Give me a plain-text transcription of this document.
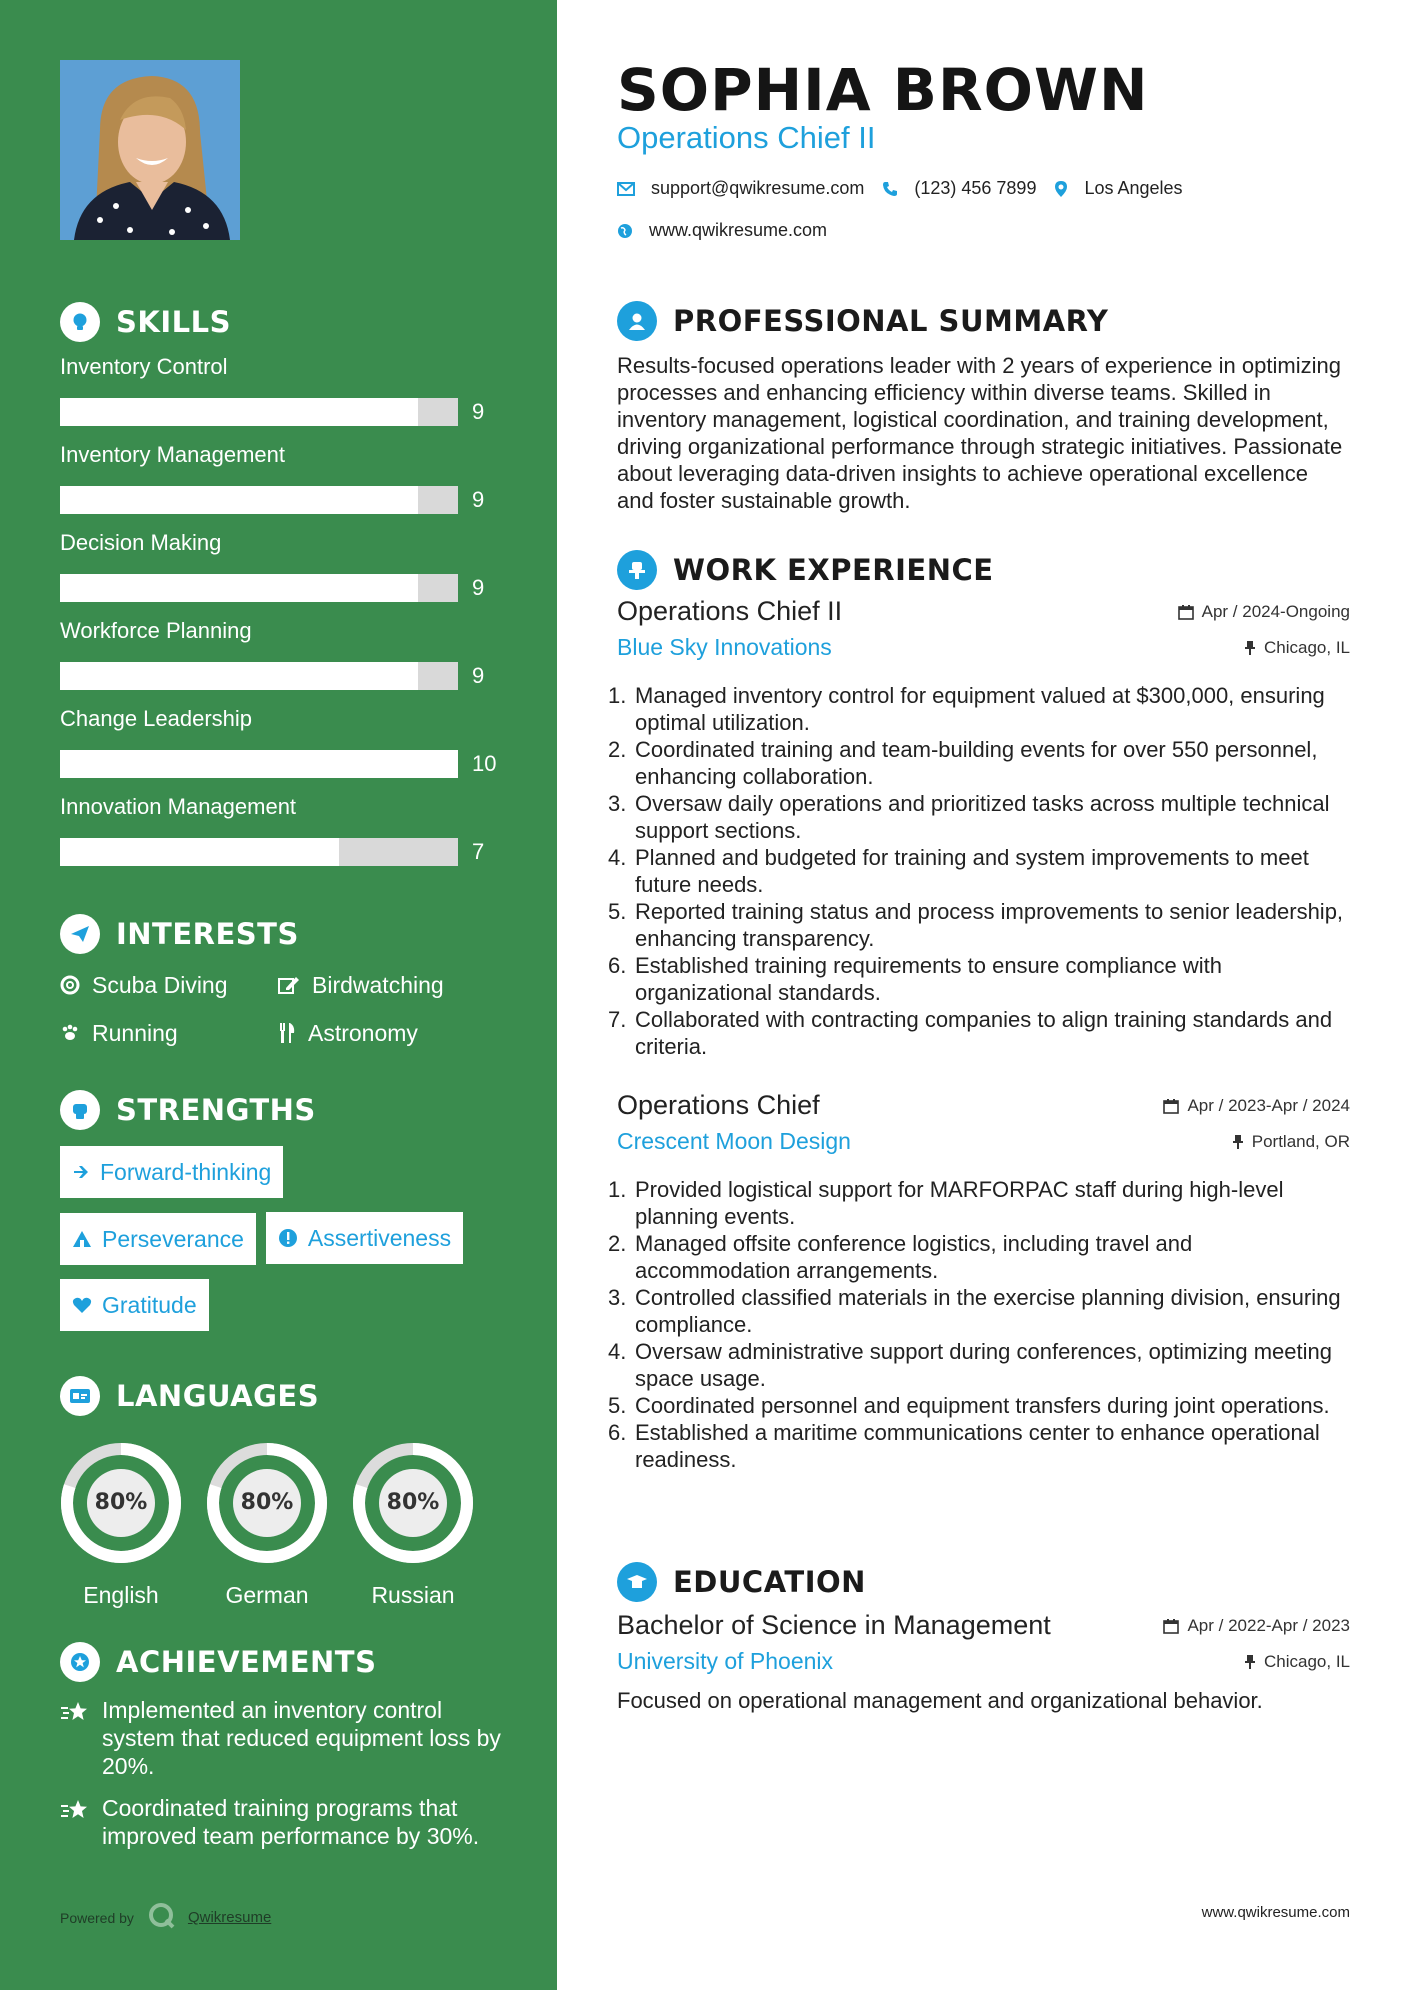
SKILLS
Inventory Control
9
Inventory Management
9
Decision Making
9
Workforce Planning
9
Change Leadership
10
Innovation Management
7
INTERESTS
Scuba Diving	Birdwatching
Running	Astronomy
STRENGTHS
Forward-thinking
Perseverance	Assertiveness
Gratitude
LANGUAGES
80%
English
80%
German
80%
Russian
ACHIEVEMENTS
Implemented an inventory control system that reduced equipment loss by 20%.
Coordinated training programs that improved team performance by 30%.
Powered by	Qwikresume
SOPHIA BROWN
Operations Chief II
support@qwikresume.com	(123) 456 7899	Los Angeles
www.qwikresume.com
PROFESSIONAL SUMMARY
Results-focused operations leader with 2 years of experience in optimizing processes and enhancing efficiency within diverse teams. Skilled in inventory management, logistical coordination, and training development, driving organizational performance through strategic initiatives. Passionate about leveraging data-driven insights to achieve operational excellence and foster sustainable growth.
WORK EXPERIENCE
Operations Chief II	Apr / 2024-Ongoing
Blue Sky Innovations	Chicago, IL
1. Managed inventory control for equipment valued at $300,000, ensuring optimal utilization.
2. Coordinated training and team-building events for over 550 personnel, enhancing collaboration.
3. Oversaw daily operations and prioritized tasks across multiple technical support sections.
4. Planned and budgeted for training and system improvements to meet future needs.
5. Reported training status and process improvements to senior leadership, enhancing transparency.
6. Established training requirements to ensure compliance with organizational standards.
7. Collaborated with contracting companies to align training standards and criteria.
Operations Chief	Apr / 2023-Apr / 2024
Crescent Moon Design	Portland, OR
1. Provided logistical support for MARFORPAC staff during high-level planning events.
2. Managed offsite conference logistics, including travel and accommodation arrangements.
3. Controlled classified materials in the exercise planning division, ensuring compliance.
4. Oversaw administrative support during conferences, optimizing meeting space usage.
5. Coordinated personnel and equipment transfers during joint operations.
6. Established a maritime communications center to enhance operational readiness.
EDUCATION
Bachelor of Science in Management	Apr / 2022-Apr / 2023
University of Phoenix	Chicago, IL
Focused on operational management and organizational behavior.
www.qwikresume.com
